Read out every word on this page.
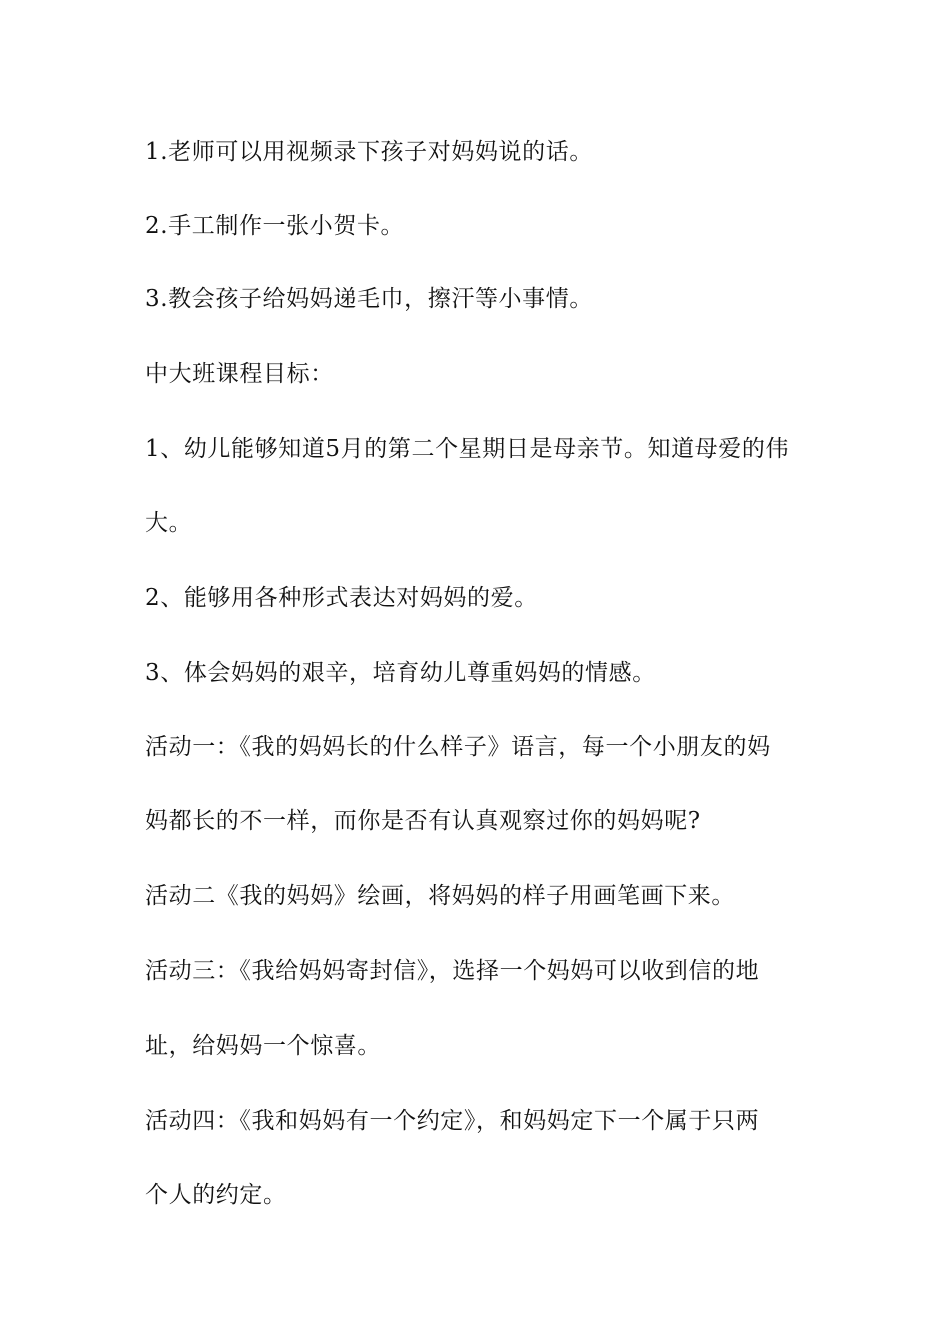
1.老师可以用视频录下孩子对妈妈说的话。
2.手工制作一张小贺卡。
3.教会孩子给妈妈递毛巾，擦汗等小事情。
中大班课程目标：
1、幼儿能够知道5月的第二个星期日是母亲节。知道母爱的伟
大。
2、能够用各种形式表达对妈妈的爱。
3、体会妈妈的艰辛，培育幼儿尊重妈妈的情感。
活动一：《我的妈妈长的什么样子》语言，每一个小朋友的妈
妈都长的不一样，而你是否有认真观察过你的妈妈呢?
活动二《我的妈妈》绘画，将妈妈的样子用画笔画下来。
活动三：《我给妈妈寄封信》，选择一个妈妈可以收到信的地
址，给妈妈一个惊喜。
活动四：《我和妈妈有一个约定》，和妈妈定下一个属于只两
个人的约定。
